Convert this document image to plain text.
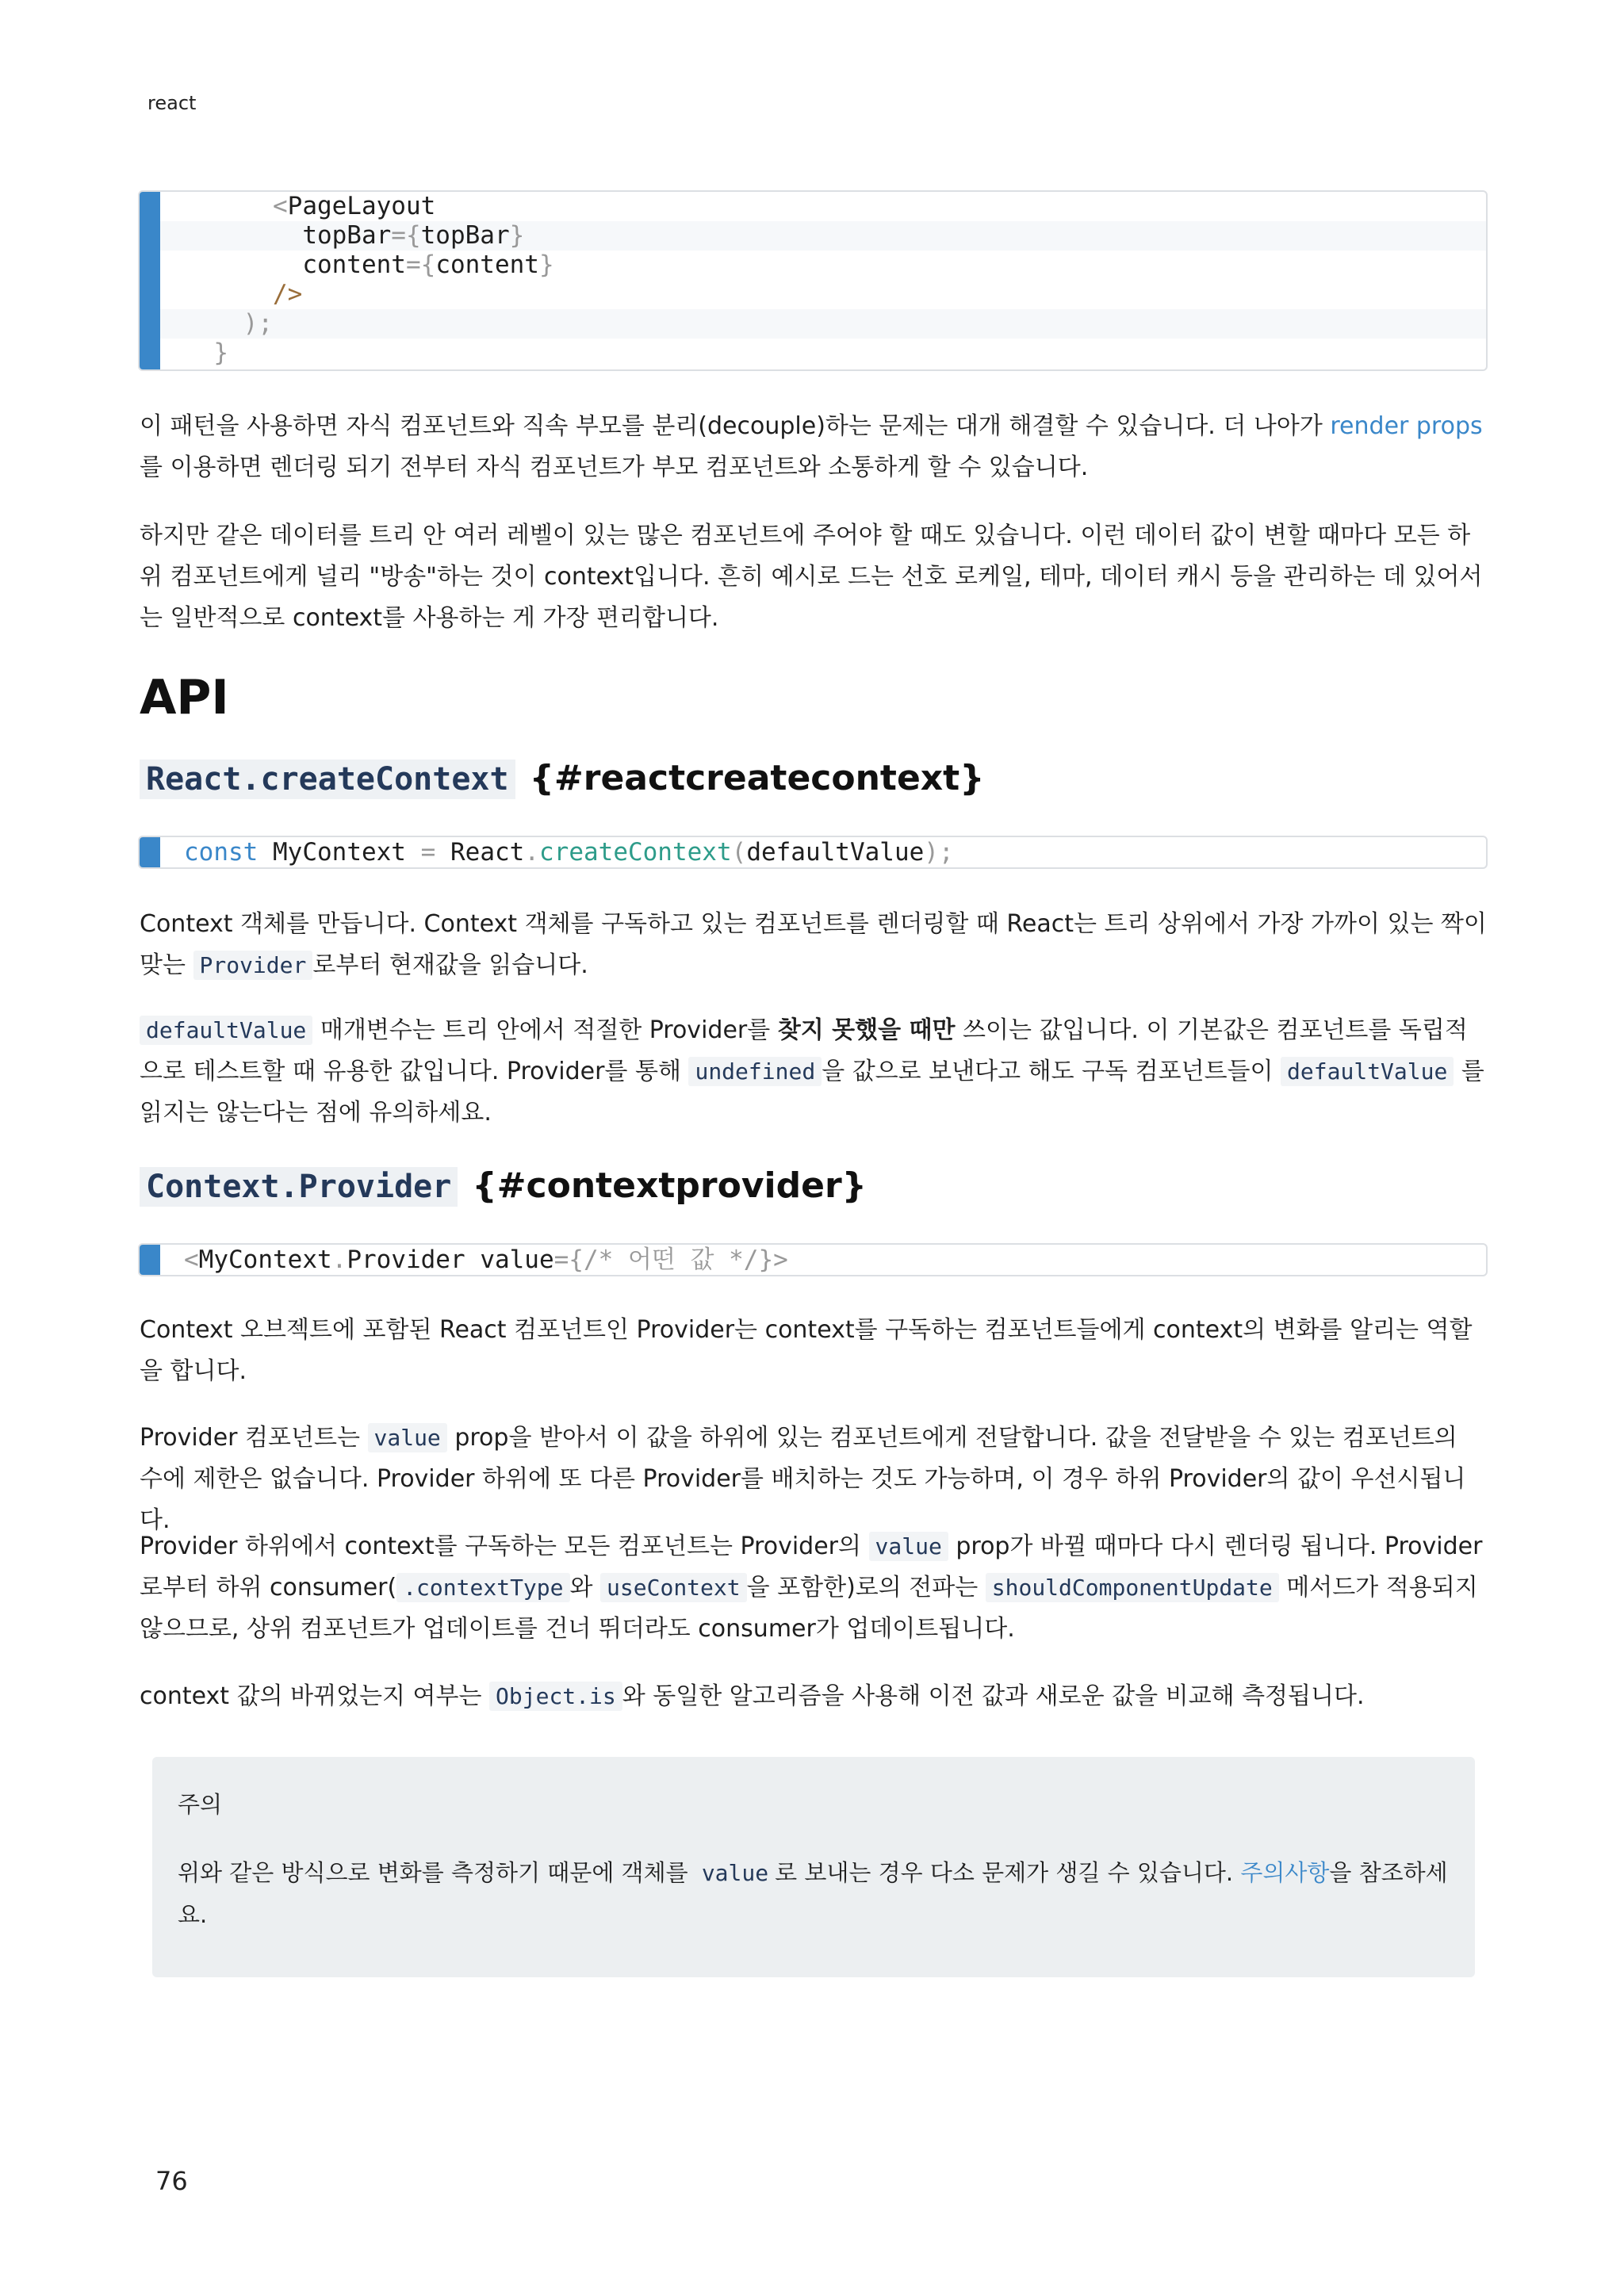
react
<PageLayout
topBar={topBar}
content={content}
/>
);
}
이 패턴을 사용하면 자식 컴포넌트와 직속 부모를 분리(decouple)하는 문제는 대개 해결할 수 있습니다. 더 나아가 render props를 이용하면 렌더링 되기 전부터 자식 컴포넌트가 부모 컴포넌트와 소통하게 할 수 있습니다.
하지만 같은 데이터를 트리 안 여러 레벨이 있는 많은 컴포넌트에 주어야 할 때도 있습니다. 이런 데이터 값이 변할 때마다 모든 하위 컴포넌트에게 널리 "방송"하는 것이 context입니다. 흔히 예시로 드는 선호 로케일, 테마, 데이터 캐시 등을 관리하는 데 있어서는 일반적으로 context를 사용하는 게 가장 편리합니다.
API
React.createContext {#reactcreatecontext}
const MyContext = React.createContext(defaultValue);
Context 객체를 만듭니다. Context 객체를 구독하고 있는 컴포넌트를 렌더링할 때 React는 트리 상위에서 가장 가까이 있는 짝이 맞는 Provider 로부터 현재값을 읽습니다.
defaultValue 매개변수는 트리 안에서 적절한 Provider를 찾지 못했을 때만 쓰이는 값입니다. 이 기본값은 컴포넌트를 독립적으로 테스트할 때 유용한 값입니다. Provider를 통해 undefined 을 값으로 보낸다고 해도 구독 컴포넌트들이 defaultValue 를 읽지는 않는다는 점에 유의하세요.
Context.Provider {#contextprovider}
<MyContext.Provider value={/* 어떤 값 */}>
Context 오브젝트에 포함된 React 컴포넌트인 Provider는 context를 구독하는 컴포넌트들에게 context의 변화를 알리는 역할을 합니다.
Provider 컴포넌트는 value prop을 받아서 이 값을 하위에 있는 컴포넌트에게 전달합니다. 값을 전달받을 수 있는 컴포넌트의 수에 제한은 없습니다. Provider 하위에 또 다른 Provider를 배치하는 것도 가능하며, 이 경우 하위 Provider의 값이 우선시됩니다.
Provider 하위에서 context를 구독하는 모든 컴포넌트는 Provider의 value prop가 바뀔 때마다 다시 렌더링 됩니다. Provider로부터 하위 consumer( .contextType 와 useContext 을 포함한)로의 전파는 shouldComponentUpdate 메서드가 적용되지 않으므로, 상위 컴포넌트가 업데이트를 건너 뛰더라도 consumer가 업데이트됩니다.
context 값의 바뀌었는지 여부는 Object.is 와 동일한 알고리즘을 사용해 이전 값과 새로운 값을 비교해 측정됩니다.
주의
위와 같은 방식으로 변화를 측정하기 때문에 객체를 value 로 보내는 경우 다소 문제가 생길 수 있습니다. 주의사항을 참조하세요.
76
